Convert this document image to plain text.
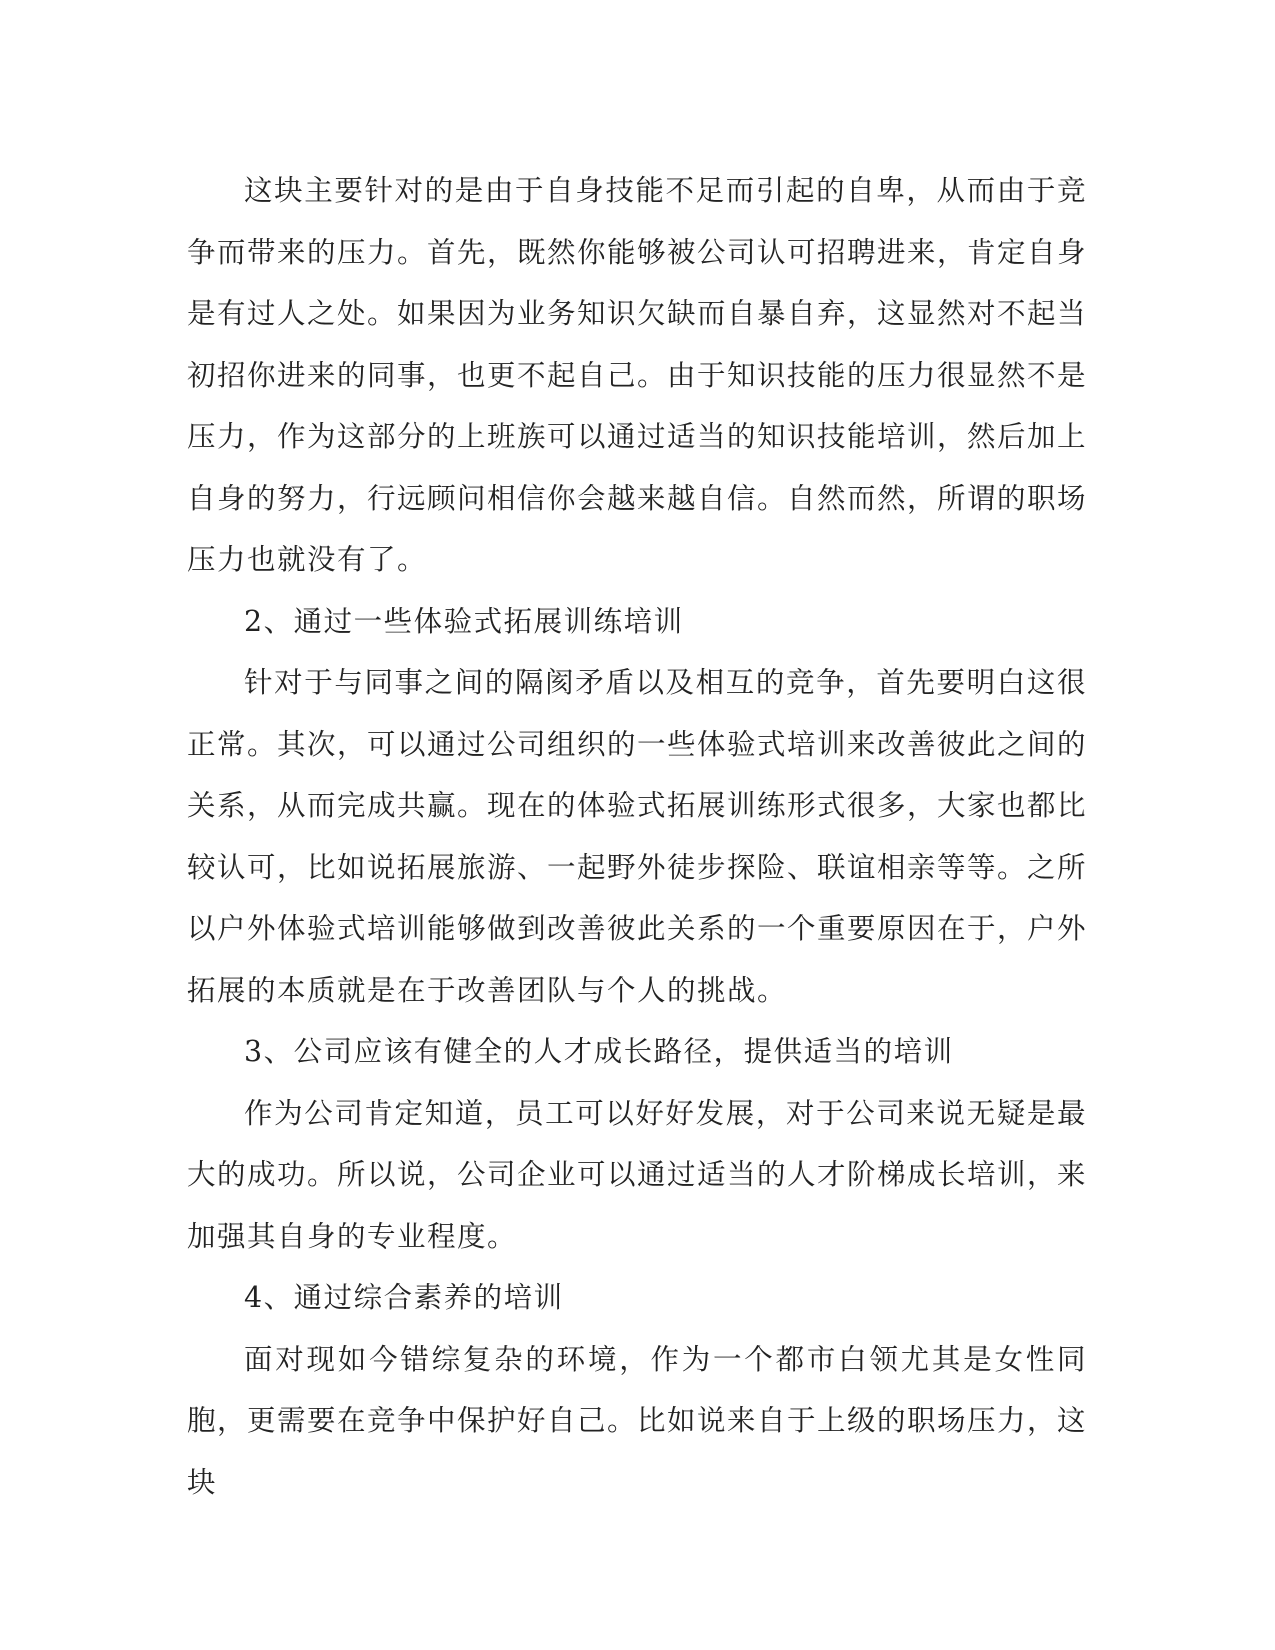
这块主要针对的是由于自身技能不足而引起的自卑，从而由于竞争而带来的压力。首先，既然你能够被公司认可招聘进来，肯定自身是有过人之处。如果因为业务知识欠缺而自暴自弃，这显然对不起当初招你进来的同事，也更不起自己。由于知识技能的压力很显然不是压力，作为这部分的上班族可以通过适当的知识技能培训，然后加上自身的努力，行远顾问相信你会越来越自信。自然而然，所谓的职场压力也就没有了。

2、通过一些体验式拓展训练培训

针对于与同事之间的隔阂矛盾以及相互的竞争，首先要明白这很正常。其次，可以通过公司组织的一些体验式培训来改善彼此之间的关系，从而完成共赢。现在的体验式拓展训练形式很多，大家也都比较认可，比如说拓展旅游、一起野外徒步探险、联谊相亲等等。之所以户外体验式培训能够做到改善彼此关系的一个重要原因在于，户外拓展的本质就是在于改善团队与个人的挑战。

3、公司应该有健全的人才成长路径，提供适当的培训

作为公司肯定知道，员工可以好好发展，对于公司来说无疑是最大的成功。所以说，公司企业可以通过适当的人才阶梯成长培训，来加强其自身的专业程度。

4、通过综合素养的培训

面对现如今错综复杂的环境，作为一个都市白领尤其是女性同胞，更需要在竞争中保护好自己。比如说来自于上级的职场压力，这块
